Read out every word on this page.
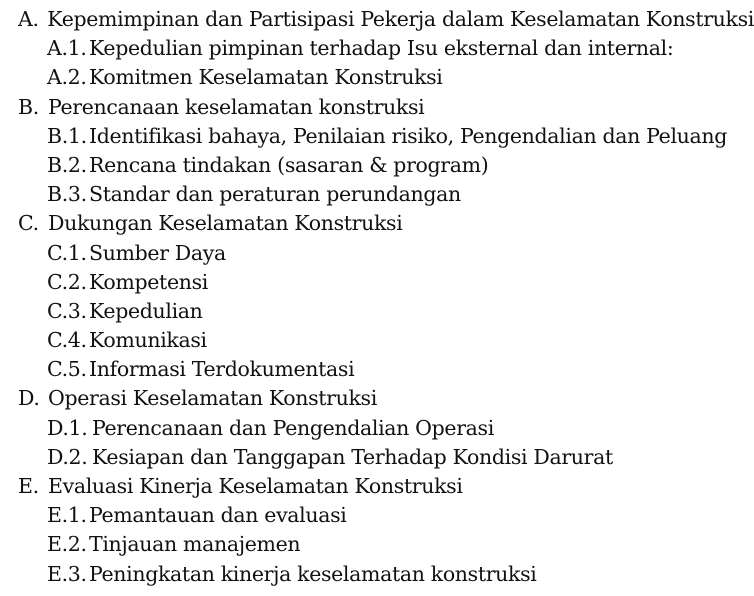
A. Kepemimpinan dan Partisipasi Pekerja dalam Keselamatan Konstruksi
A.1. Kepedulian pimpinan terhadap Isu eksternal dan internal:
A.2. Komitmen Keselamatan Konstruksi
B. Perencanaan keselamatan konstruksi
B.1. Identifikasi bahaya, Penilaian risiko, Pengendalian dan Peluang
B.2. Rencana tindakan (sasaran & program)
B.3. Standar dan peraturan perundangan
C. Dukungan Keselamatan Konstruksi
C.1. Sumber Daya
C.2. Kompetensi
C.3. Kepedulian
C.4. Komunikasi
C.5. Informasi Terdokumentasi
D. Operasi Keselamatan Konstruksi
D.1. Perencanaan dan Pengendalian Operasi
D.2. Kesiapan dan Tanggapan Terhadap Kondisi Darurat
E. Evaluasi Kinerja Keselamatan Konstruksi
E.1. Pemantauan dan evaluasi
E.2. Tinjauan manajemen
E.3. Peningkatan kinerja keselamatan konstruksi
